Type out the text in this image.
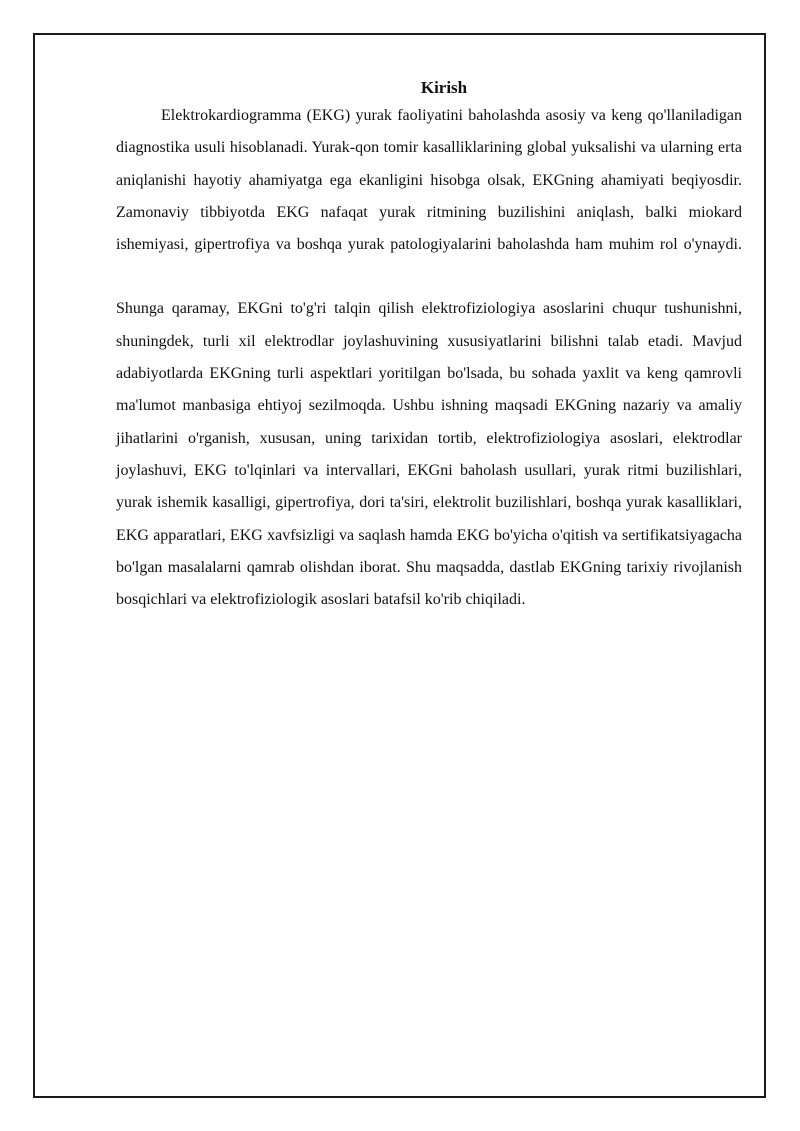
Kirish

Elektrokardiogramma (EKG) yurak faoliyatini baholashda asosiy va keng qo'llaniladigan diagnostika usuli hisoblanadi. Yurak-qon tomir kasalliklarining global yuksalishi va ularning erta aniqlanishi hayotiy ahamiyatga ega ekanligini hisobga olsak, EKGning ahamiyati beqiyosdir. Zamonaviy tibbiyotda EKG nafaqat yurak ritmining buzilishini aniqlash, balki miokard ishemiyasi, gipertrofiya va boshqa yurak patologiyalarini baholashda ham muhim rol o'ynaydi.

Shunga qaramay, EKGni to'g'ri talqin qilish elektrofiziologiya asoslarini chuqur tushunishni, shuningdek, turli xil elektrodlar joylashuvining xususiyatlarini bilishni talab etadi. Mavjud adabiyotlarda EKGning turli aspektlari yoritilgan bo'lsada, bu sohada yaxlit va keng qamrovli ma'lumot manbasiga ehtiyoj sezilmoqda. Ushbu ishning maqsadi EKGning nazariy va amaliy jihatlarini o'rganish, xususan, uning tarixidan tortib, elektrofiziologiya asoslari, elektrodlar joylashuvi, EKG to'lqinlari va intervallari, EKGni baholash usullari, yurak ritmi buzilishlari, yurak ishemik kasalligi, gipertrofiya, dori ta'siri, elektrolit buzilishlari, boshqa yurak kasalliklari, EKG apparatlari, EKG xavfsizligi va saqlash hamda EKG bo'yicha o'qitish va sertifikatsiyagacha bo'lgan masalalarni qamrab olishdan iborat. Shu maqsadda, dastlab EKGning tarixiy rivojlanish bosqichlari va elektrofiziologik asoslari batafsil ko'rib chiqiladi.
